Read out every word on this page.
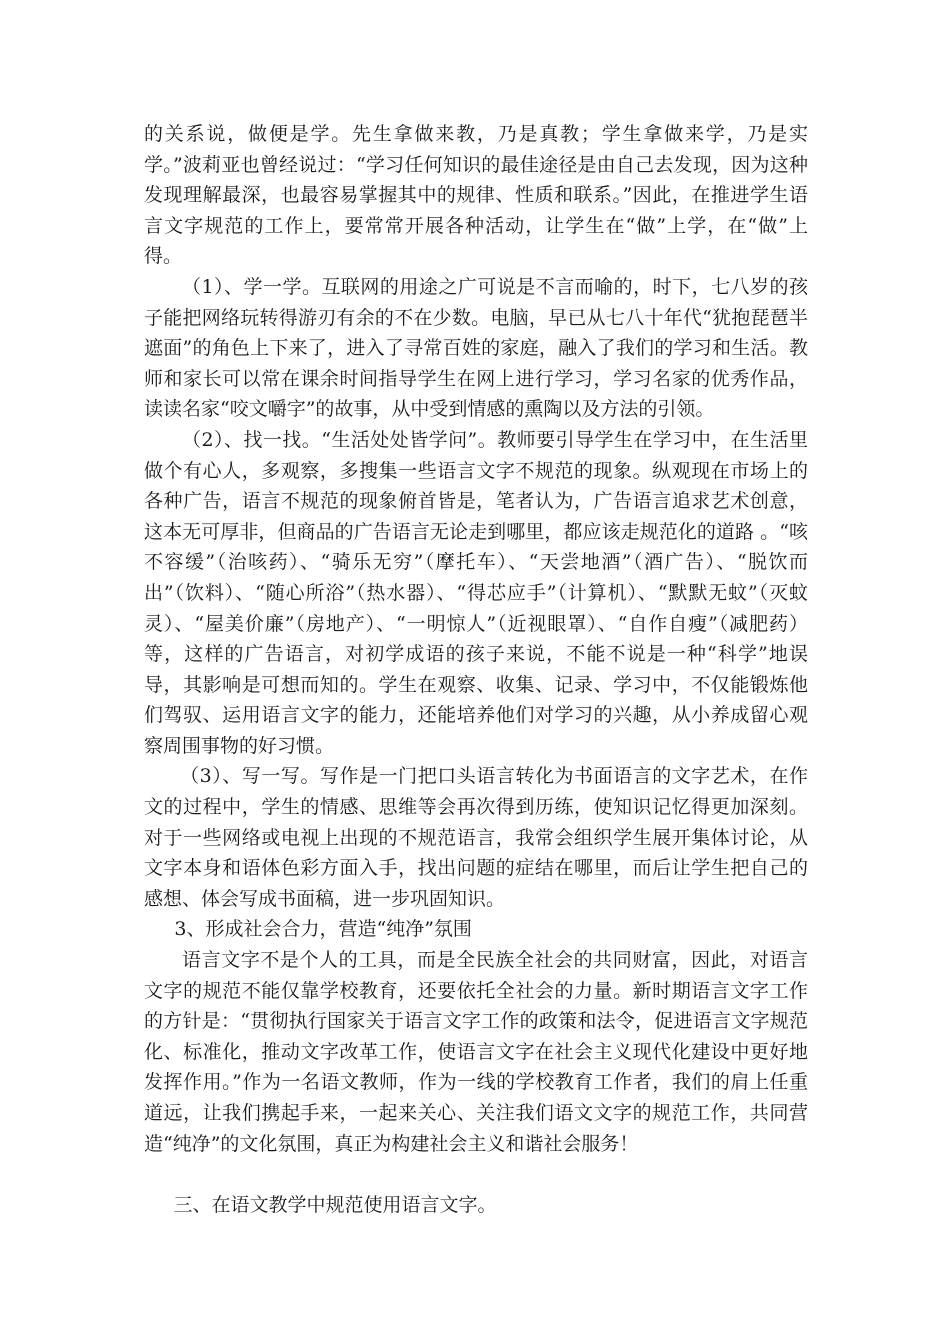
的关系说，做便是学。先生拿做来教，乃是真教；学生拿做来学，乃是实学。”波莉亚也曾经说过：“学习任何知识的最佳途径是由自己去发现，因为这种发现理解最深，也最容易掌握其中的规律、性质和联系。”因此，在推进学生语言文字规范的工作上，要常常开展各种活动，让学生在“做”上学，在“做”上得。

（1）、学一学。互联网的用途之广可说是不言而喻的，时下，七八岁的孩子能把网络玩转得游刃有余的不在少数。电脑，早已从七八十年代“犹抱琵琶半遮面”的角色上下来了，进入了寻常百姓的家庭，融入了我们的学习和生活。教师和家长可以常在课余时间指导学生在网上进行学习，学习名家的优秀作品，读读名家“咬文嚼字”的故事，从中受到情感的熏陶以及方法的引领。

（2）、找一找。“生活处处皆学问”。教师要引导学生在学习中，在生活里做个有心人，多观察，多搜集一些语言文字不规范的现象。纵观现在市场上的各种广告，语言不规范的现象俯首皆是，笔者认为，广告语言追求艺术创意，这本无可厚非，但商品的广告语言无论走到哪里，都应该走规范化的道路 。“咳不容缓”（治咳药）、“骑乐无穷”（摩托车）、“天尝地酒”（酒广告）、“脱饮而出”（饮料）、“随心所浴”（热水器）、“得芯应手”（计算机）、“默默无蚊”（灭蚊灵）、“屋美价廉”（房地产）、“一明惊人”（近视眼罩）、“自作自瘦”（减肥药）等，这样的广告语言，对初学成语的孩子来说，不能不说是一种“科学”地误导，其影响是可想而知的。学生在观察、收集、记录、学习中，不仅能锻炼他们驾驭、运用语言文字的能力，还能培养他们对学习的兴趣，从小养成留心观察周围事物的好习惯。

（3）、写一写。写作是一门把口头语言转化为书面语言的文字艺术，在作文的过程中，学生的情感、思维等会再次得到历练，使知识记忆得更加深刻。对于一些网络或电视上出现的不规范语言，我常会组织学生展开集体讨论，从文字本身和语体色彩方面入手，找出问题的症结在哪里，而后让学生把自己的感想、体会写成书面稿，进一步巩固知识。

3、形成社会合力，营造“纯净”氛围

语言文字不是个人的工具，而是全民族全社会的共同财富，因此，对语言文字的规范不能仅靠学校教育，还要依托全社会的力量。新时期语言文字工作的方针是：“贯彻执行国家关于语言文字工作的政策和法令，促进语言文字规范化、标准化，推动文字改革工作，使语言文字在社会主义现代化建设中更好地发挥作用。”作为一名语文教师，作为一线的学校教育工作者，我们的肩上任重道远，让我们携起手来，一起来关心、关注我们语文文字的规范工作，共同营造“纯净”的文化氛围，真正为构建社会主义和谐社会服务！

三、在语文教学中规范使用语言文字。
